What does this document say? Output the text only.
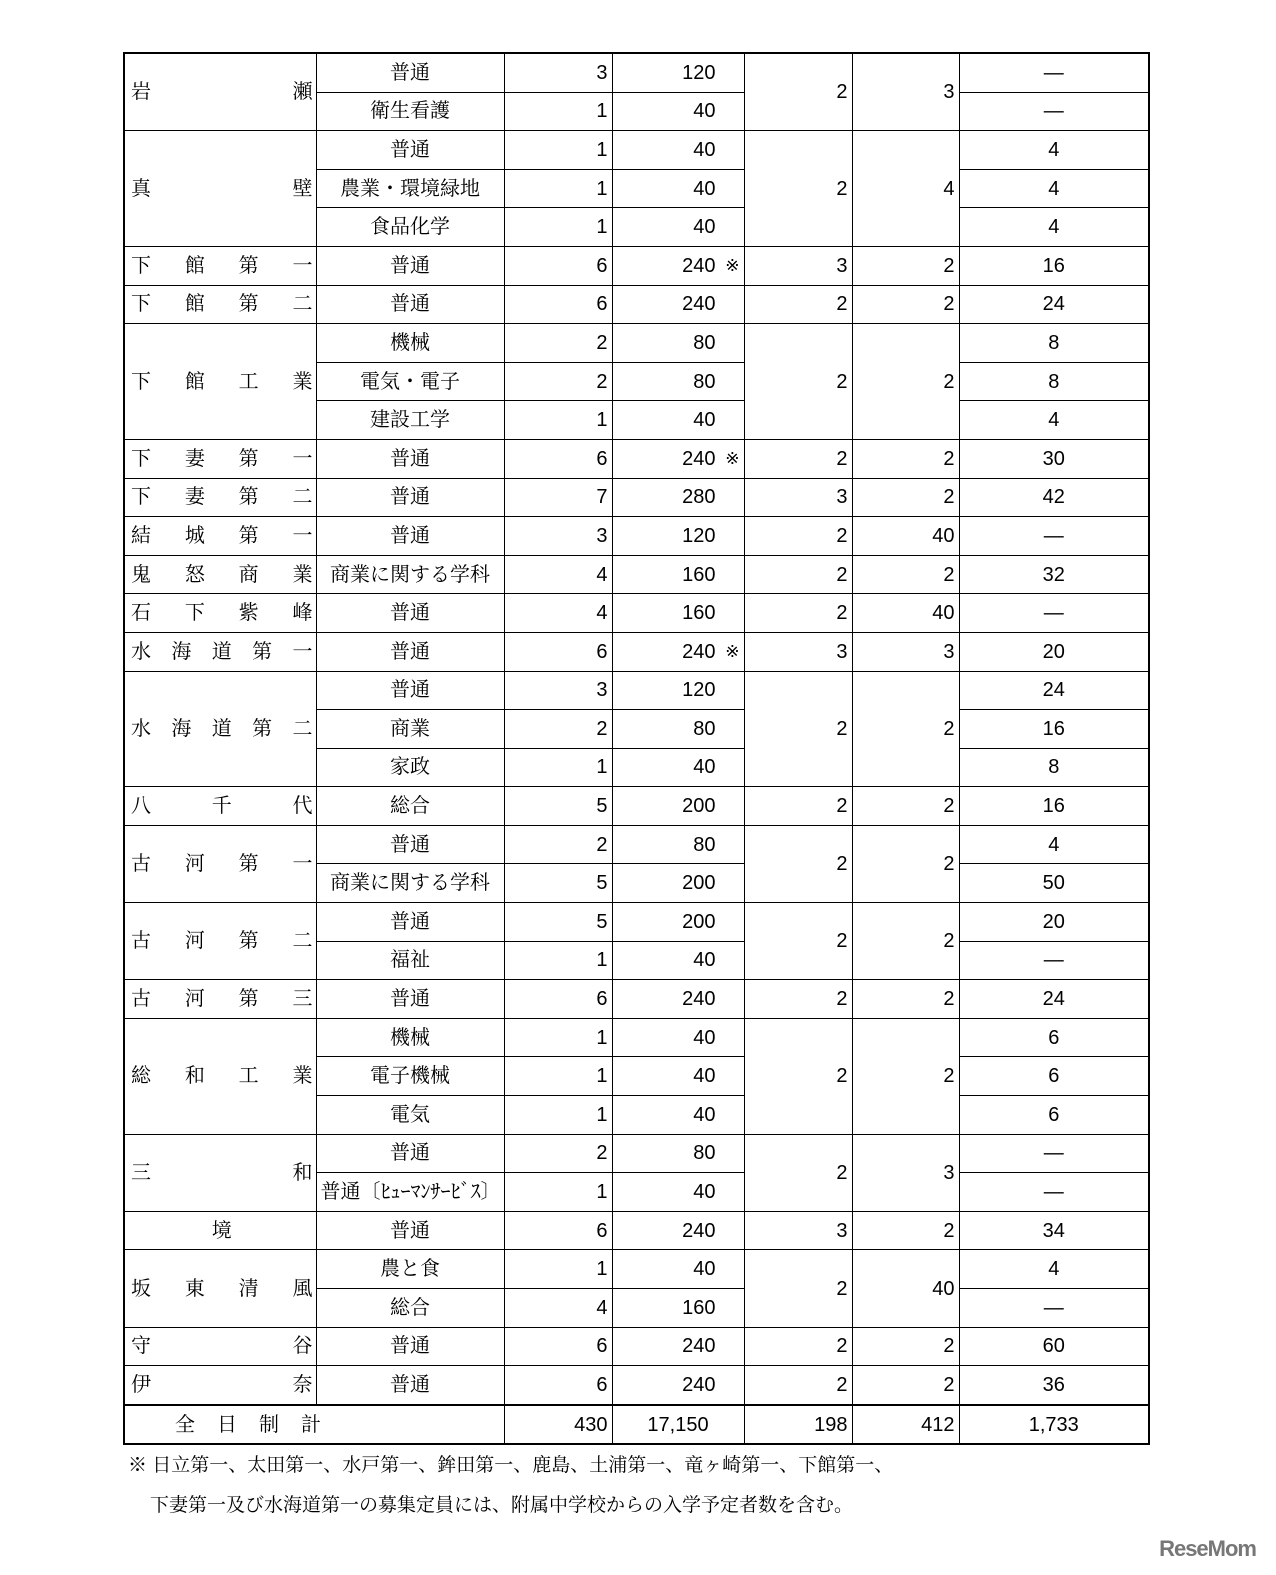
岩瀬	普通	3	120	2	3	—
	衛生看護	1	40			—
真壁	普通	1	40	2	4	4
	農業・環境緑地	1	40			4
	食品化学	1	40			4
下館第一	普通	6	240 ※	3	2	16
下館第二	普通	6	240	2	2	24
下館工業	機械	2	80	2	2	8
	電気・電子	2	80			8
	建設工学	1	40			4
下妻第一	普通	6	240 ※	2	2	30
下妻第二	普通	7	280	3	2	42
結城第一	普通	3	120	2	40	—
鬼怒商業	商業に関する学科	4	160	2	2	32
石下紫峰	普通	4	160	2	40	—
水海道第一	普通	6	240 ※	3	3	20
水海道第二	普通	3	120	2	2	24
	商業	2	80			16
	家政	1	40			8
八千代	総合	5	200	2	2	16
古河第一	普通	2	80	2	2	4
	商業に関する学科	5	200			50
古河第二	普通	5	200	2	2	20
	福祉	1	40			—
古河第三	普通	6	240	2	2	24
総和工業	機械	1	40	2	2	6
	電子機械	1	40			6
	電気	1	40			6
三和	普通	2	80	2	3	—
	普通〔ﾋｭｰﾏﾝｻｰﾋﾞｽ〕	1	40			—
境	普通	6	240	3	2	34
坂東清風	農と食	1	40	2	40	4
	総合	4	160			—
守谷	普通	6	240	2	2	60
伊奈	普通	6	240	2	2	36
全日制計		430	17,150	198	412	1,733
※ 日立第一、太田第一、水戸第一、鉾田第一、鹿島、土浦第一、竜ヶ崎第一、下館第一、
下妻第一及び水海道第一の募集定員には、附属中学校からの入学予定者数を含む。
ReseMom
